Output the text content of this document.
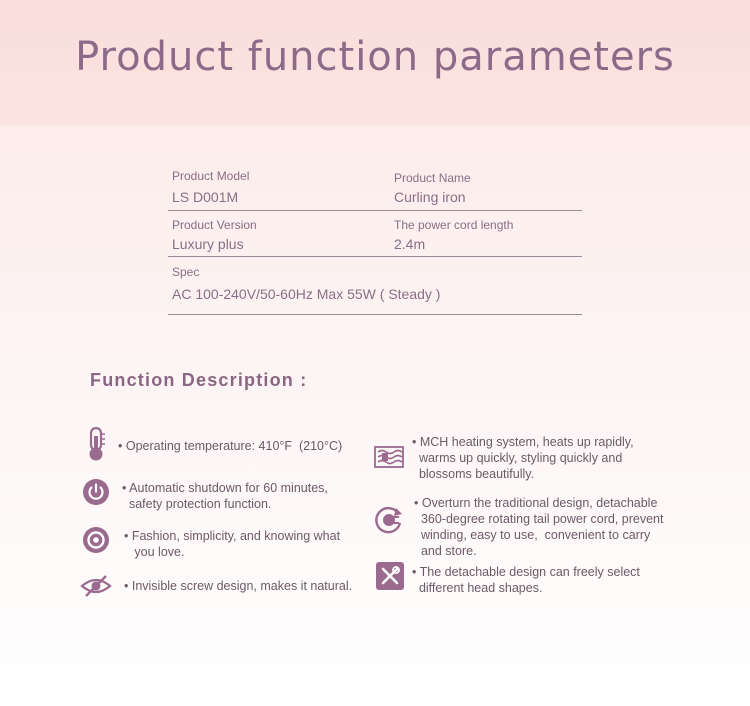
Product function parameters
Product Model
LS D001M
Product Name
Curling iron
Product Version
Luxury plus
The power cord length
2.4m
Spec
AC 100-240V/50-60Hz Max 55W ( Steady )
Function Description :
• Operating temperature: 410°F  (210°C)
• Automatic shutdown for 60 minutes,
safety protection function.
• Fashion, simplicity, and knowing what
you love.
• Invisible screw design, makes it natural.
• MCH heating system, heats up rapidly,
warms up quickly, styling quickly and
blossoms beautifully.
• Overturn the traditional design, detachable
360-degree rotating tail power cord, prevent
winding, easy to use,  convenient to carry
and store.
• The detachable design can freely select
different head shapes.
